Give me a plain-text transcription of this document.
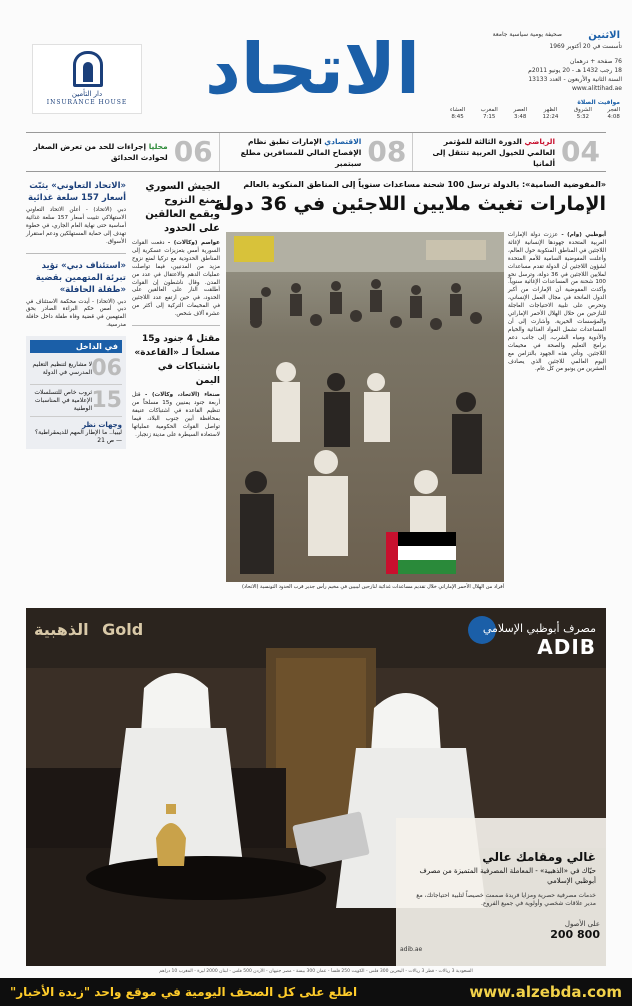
الاتحاد	الاثنين
صحيفة يومية سياسية جامعة
تأسست في 20 أكتوبر 1969
76 صفحة + درهمان
18 رجب 1432 هـ - 20 يونيو 2011م
السنة الثانية والأربعون - العدد 13133
www.alittihad.ae
مواقيت الصلاة
الفجر
4:08
الشروق
5:32
الظهر
12:24
العصر
3:48
المغرب
7:15
العشاء
8:45
دار التأمين
INSURANCE HOUSE
04
الرياضي الدورة الثالثة للمؤتمر العالمي للخيول العربية تنتقل إلى ألمانيا
08
الاقتصادي الإمارات تطبق نظام الإفصاح المالي للمسافرين مطلع سبتمبر
06
محليا إجراءات للحد من تعرض الصغار لحوادث الحدائق
«المفوضية السامية»: بالدولة ترسل 100 شحنة مساعدات سنوياً إلى المناطق المنكوبة بالعالم
الإمارات تغيث ملايين اللاجئين في 36 دولة
أفراد من الهلال الأحمر الإماراتي خلال تقديم مساعدات غذائية لنازحين ليبيين في مخيم رأس جدير قرب الحدود التونسية (الاتحاد)
أبوظبي (وام) - عززت دولة الإمارات العربية المتحدة جهودها الإنسانية لإغاثة اللاجئين في المناطق المنكوبة حول العالم، وأعلنت المفوضية السامية للأمم المتحدة لشؤون اللاجئين أن الدولة تقدم مساعدات لملايين اللاجئين في 36 دولة، وترسل نحو 100 شحنة من المساعدات الإغاثية سنوياً. وأكدت المفوضية أن الإمارات من أكبر الدول المانحة في مجال العمل الإنساني، وتحرص على تلبية الاحتياجات العاجلة للنازحين من خلال الهلال الأحمر الإماراتي والمؤسسات الخيرية. وأشارت إلى أن المساعدات تشمل المواد الغذائية والخيام والأدوية ومياه الشرب، إلى جانب دعم برامج التعليم والصحة في مخيمات اللاجئين. وتأتي هذه الجهود بالتزامن مع اليوم العالمي للاجئين الذي يصادف العشرين من يونيو من كل عام.
الجيش السوري يمنع النزوح ويقمع العالقين على الحدود
عواصم (وكالات) - دفعت القوات السورية أمس بتعزيزات عسكرية إلى المناطق الحدودية مع تركيا لمنع نزوح مزيد من المدنيين، فيما تواصلت عمليات الدهم والاعتقال في عدد من المدن. وقال ناشطون إن القوات أطلقت النار على العالقين على الحدود، في حين ارتفع عدد اللاجئين في المخيمات التركية إلى أكثر من عشرة آلاف شخص.
مقتل 4 جنود و15 مسلحاً لـ «القاعدة» باشتباكات في اليمن
صنعاء (الاتحاد، وكالات) - قتل أربعة جنود يمنيين و15 مسلحاً من تنظيم القاعدة في اشتباكات عنيفة بمحافظة أبين جنوب البلاد، فيما تواصل القوات الحكومية عملياتها لاستعادة السيطرة على مدينة زنجبار.
«الاتحاد التعاوني» يثبّت أسعار 157 سلعة غذائية
دبي (الاتحاد) - أعلن الاتحاد التعاوني الاستهلاكي تثبيت أسعار 157 سلعة غذائية أساسية حتى نهاية العام الجاري، في خطوة تهدف إلى حماية المستهلكين ودعم استقرار الأسواق.
«استئناف دبي» تؤيد تبرئة المتهمين بقضية «طفلة الحافلة»
دبي (الاتحاد) - أيدت محكمة الاستئناف في دبي أمس حكم البراءة الصادر بحق المتهمين في قضية وفاة طفلة داخل حافلة مدرسية.
في الداخل
06
لا مشاريع لتنظيم التعليم المدرسي في الدولة
15
ثروب خاص للتسلسلات الإعلامية في المناسبات الوطنية
وجهات نظر
ليبيا.. ما الإطار المهم للديمقراطية؟ — ص 21
Gold الذهبية	مصرف أبوظبي الإسلامي
ADIB
غالي ومقامك عالي
حيّاك في «الذهبية» - المعاملة المصرفية المتميزة من مصرف أبوظبي الإسلامي
خدمات مصرفية حصرية ومزايا فريدة صممت خصيصاً لتلبية احتياجاتك، مع مدير علاقات شخصي وأولوية في جميع الفروع.
على الأصول
800 200
adib.ae
السعودية 3 ريالات - قطر 3 ريالات - البحرين 300 فلس - الكويت 250 فلساً - عمان 300 بيسة - مصر جنيهان - الأردن 500 فلس - لبنان 2000 ليرة - المغرب 10 دراهم
www.alzebda.com
اطلع على كل الصحف اليومية في موقع واحد "زبدة الأخبار"
